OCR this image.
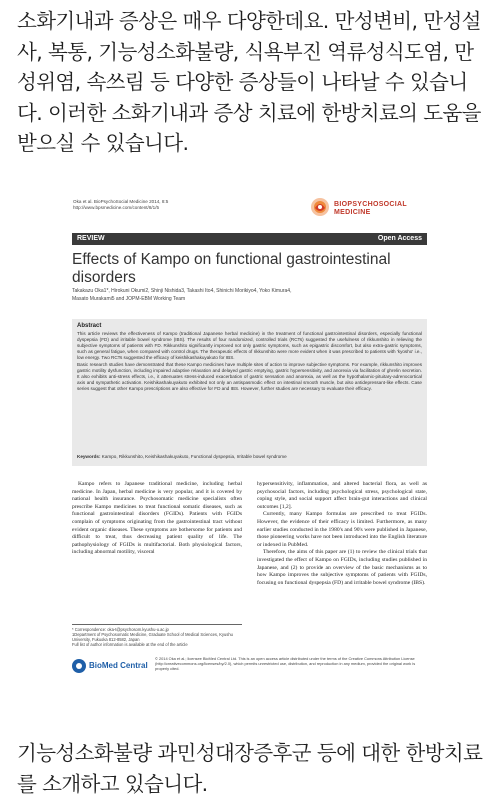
소화기내과 증상은 매우 다양한데요. 만성변비, 만성설사, 복통, 기능성소화불량, 식욕부진 역류성식도염, 만성위염, 속쓰림 등 다양한 증상들이 나타날 수 있습니다. 이러한 소화기내과 증상 치료에 한방치료의 도움을 받으실 수 있습니다.
Oka et al. BioPsychoSocial Medicine 2014, 8:5
http://www.bpsmedicine.com/content/8/1/5	BIOPSYCHOSOCIAL
MEDICINE
REVIEW	Open Access
Effects of Kampo on functional gastrointestinal disorders
Takakazu Oka1*, Hirokuni Okumi2, Shinji Nishida3, Takashi Ito4, Shinichi Morikiyo4, Yoko Kimura4,
Masato Murakami5 and JOPM-EBM Working Team
Abstract

This article reviews the effectiveness of Kampo (traditional Japanese herbal medicine) in the treatment of functional gastrointestinal disorders, especially functional dyspepsia (FD) and irritable bowel syndrome (IBS). The results of four randomized, controlled trials (RCTs) suggested the usefulness of rikkunshito in relieving the subjective symptoms of patients with FD. Rikkunshito significantly improved not only gastric symptoms, such as epigastric discomfort, but also extra-gastric symptoms, such as general fatigue, when compared with control drugs. The therapeutic effects of rikkunshito were more evident when it was prescribed to patients with 'kyosho' i.e., low energy. Two RCTs suggested the efficacy of keishikashakuyakuto for IBS.

Basic research studies have demonstrated that these Kampo medicines have multiple sites of action to improve subjective symptoms. For example, rikkunshito improves gastric motility dysfunction, including impaired adaptive relaxation and delayed gastric emptying, gastric hypersensitivity, and anorexia via facilitation of ghrelin secretion. It also exhibits anti-stress effects, i.e., it attenuates stress-induced exacerbation of gastric sensation and anorexia, as well as the hypothalamic-pituitary-adrenocortical axis and sympathetic activation. Keishikashakuyakuto exhibited not only an antispasmodic effect on intestinal smooth muscle, but also antidepressant-like effects. Case series suggest that other Kampo prescriptions are also effective for FD and IBS. However, further studies are necessary to evaluate their efficacy.

Keywords: Kampo, Rikkunshito, Keishikashakuyakuto, Functional dyspepsia, Irritable bowel syndrome

Kampo refers to Japanese traditional medicine, including herbal medicine. In Japan, herbal medicine is very popular, and it is covered by national health insurance. Psychosomatic medicine specialists often prescribe Kampo medicines to treat functional somatic diseases, such as functional gastrointestinal disorders (FGIDs). Patients with FGIDs complain of symptoms originating from the gastrointestinal tract without evident organic diseases. These symptoms are bothersome for patients and difficult to treat, thus decreasing patient quality of life. The pathophysiology of FGIDs is multifactorial. Both physiological factors, including abnormal motility, visceral

hypersensitivity, inflammation, and altered bacterial flora, as well as psychosocial factors, including psychological stress, psychological state, coping style, and social support affect brain-gut interactions and clinical outcomes [1,2].

Currently, many Kampo formulas are prescribed to treat FGIDs. However, the evidence of their efficacy is limited. Furthermore, as many earlier studies conducted in the 1980's and 90's were published in Japanese, those pioneering works have not been introduced into the English literature or indexed in PubMed.

Therefore, the aims of this paper are (1) to review the clinical trials that investigated the effect of Kampo on FGIDs, including studies published in Japanese, and (2) to provide an overview of the basic mechanisms as to how Kampo improves the subjective symptoms of patients with FGIDs, focusing on functional dyspepsia (FD) and irritable bowel syndrome (IBS).

* Correspondence: oka-t@psychosom.kyushu-u.ac.jp
1Department of Psychosomatic Medicine, Graduate School of Medical Sciences, Kyushu University, Fukuoka 812-8582, Japan
Full list of author information is available at the end of the article
BioMed Central
© 2014 Oka et al.; licensee BioMed Central Ltd. This is an open access article distributed under the terms of the Creative Commons Attribution License (http://creativecommons.org/licenses/by/2.0), which permits unrestricted use, distribution, and reproduction in any medium, provided the original work is properly cited.
기능성소화불량 과민성대장증후군 등에 대한 한방치료를 소개하고 있습니다.
